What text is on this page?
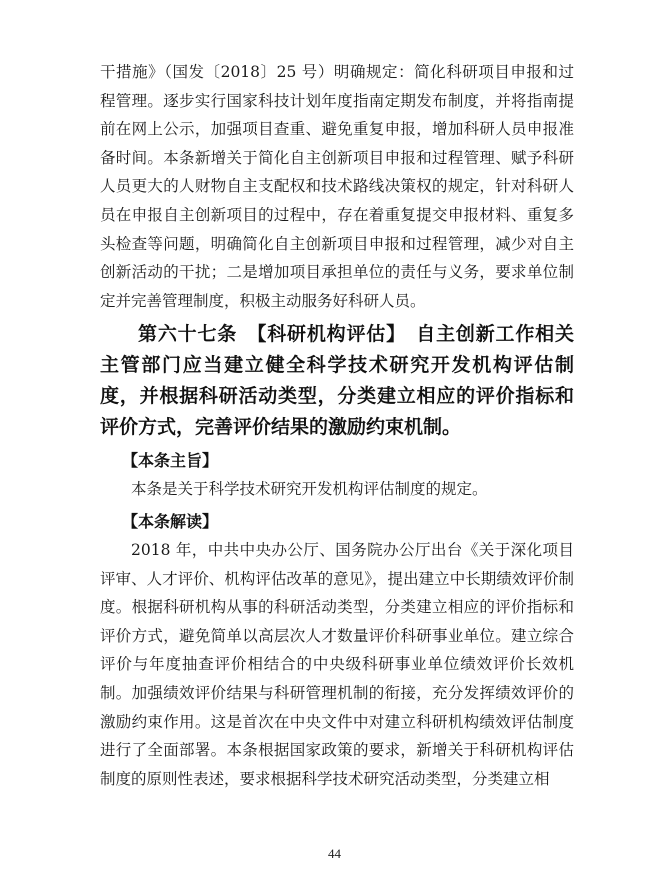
干措施》（国发〔2018〕25 号）明确规定：简化科研项目申报和过程管理。逐步实行国家科技计划年度指南定期发布制度，并将指南提前在网上公示，加强项目查重、避免重复申报，增加科研人员申报准备时间。本条新增关于简化自主创新项目申报和过程管理、赋予科研人员更大的人财物自主支配权和技术路线决策权的规定，针对科研人员在申报自主创新项目的过程中，存在着重复提交申报材料、重复多头检查等问题，明确简化自主创新项目申报和过程管理，减少对自主创新活动的干扰；二是增加项目承担单位的责任与义务，要求单位制定并完善管理制度，积极主动服务好科研人员。

第六十七条　【科研机构评估】　自主创新工作相关主管部门应当建立健全科学技术研究开发机构评估制度，并根据科研活动类型，分类建立相应的评价指标和评价方式，完善评价结果的激励约束机制。

【本条主旨】

本条是关于科学技术研究开发机构评估制度的规定。

【本条解读】

2018 年，中共中央办公厅、国务院办公厅出台《关于深化项目评审、人才评价、机构评估改革的意见》，提出建立中长期绩效评价制度。根据科研机构从事的科研活动类型，分类建立相应的评价指标和评价方式，避免简单以高层次人才数量评价科研事业单位。建立综合评价与年度抽查评价相结合的中央级科研事业单位绩效评价长效机制。加强绩效评价结果与科研管理机制的衔接，充分发挥绩效评价的激励约束作用。这是首次在中央文件中对建立科研机构绩效评估制度进行了全面部署。本条根据国家政策的要求，新增关于科研机构评估制度的原则性表述，要求根据科学技术研究活动类型，分类建立相

44
